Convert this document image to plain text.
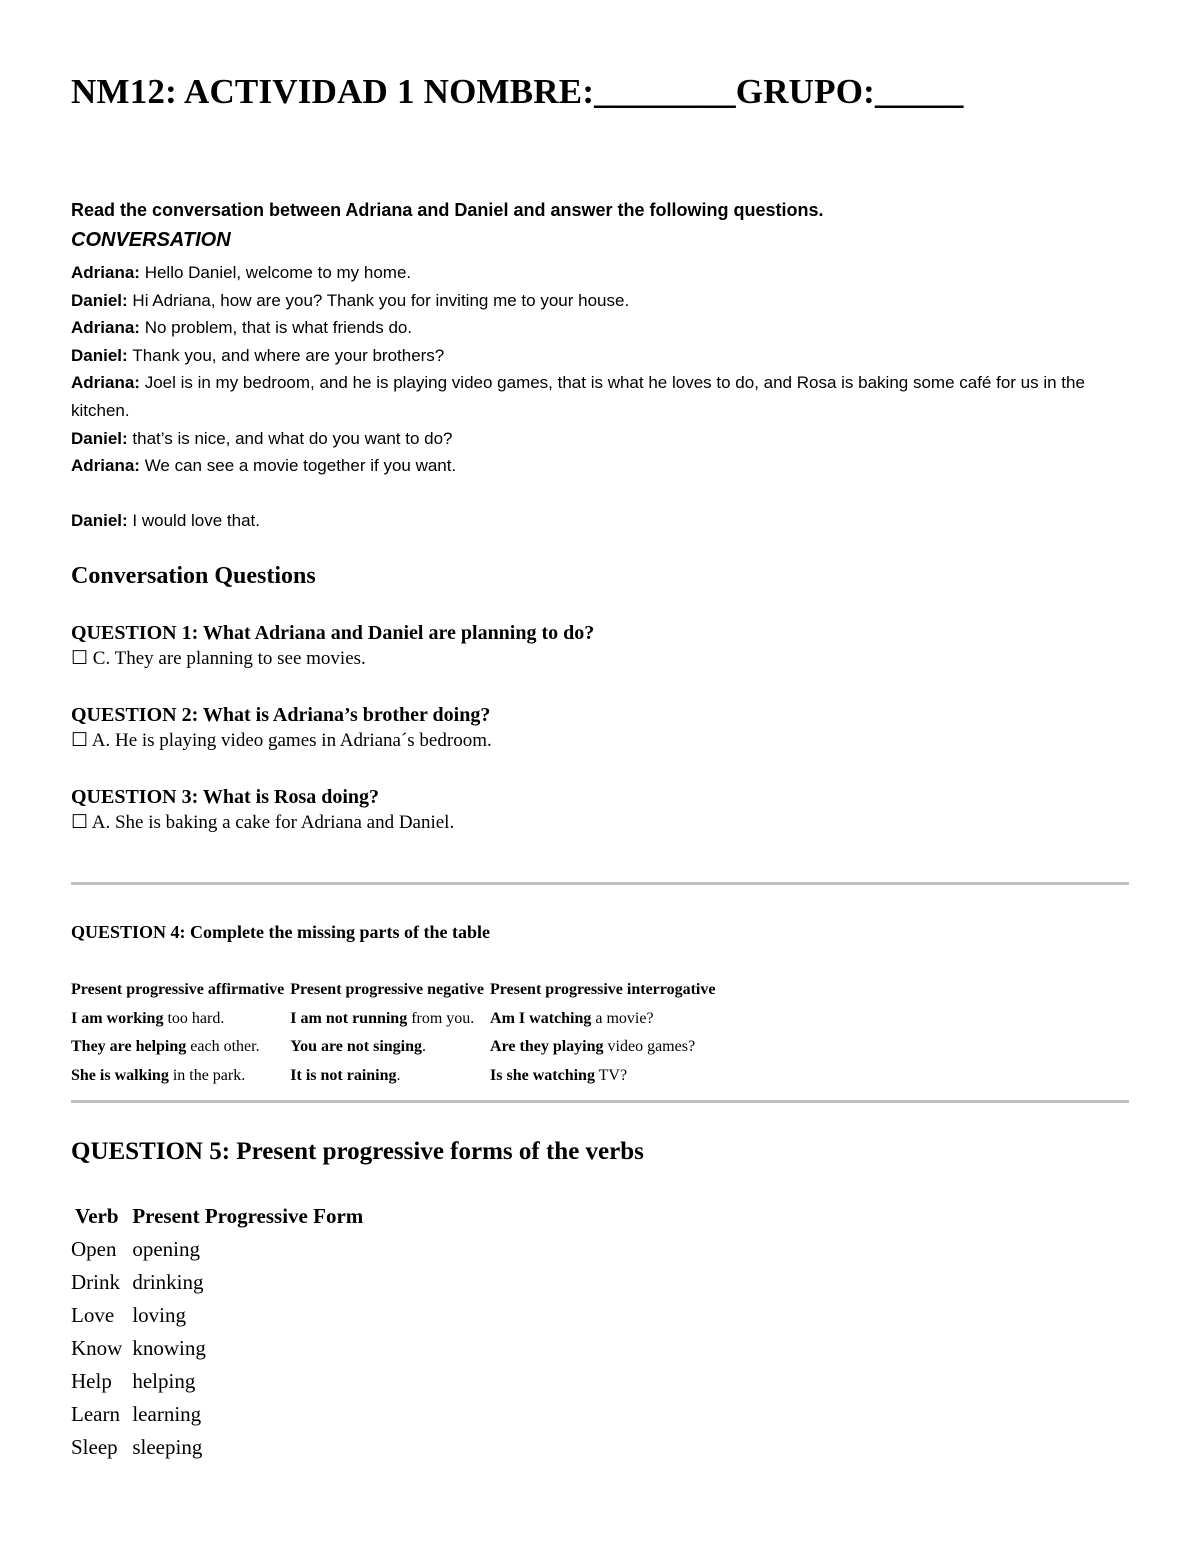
NM12: ACTIVIDAD 1 NOMBRE:________GRUPO:_____
Read the conversation between Adriana and Daniel and answer the following questions.
CONVERSATION

Adriana: Hello Daniel, welcome to my home.

Daniel: Hi Adriana, how are you? Thank you for inviting me to your house.

Adriana: No problem, that is what friends do.

Daniel: Thank you, and where are your brothers?

Adriana: Joel is in my bedroom, and he is playing video games, that is what he loves to do, and Rosa is baking some café for us in the kitchen.

Daniel: that’s is nice, and what do you want to do?

Adriana: We can see a movie together if you want.

Daniel: I would love that.

Conversation Questions

QUESTION 1: What Adriana and Daniel are planning to do?

☐ C. They are planning to see movies.

QUESTION 2: What is Adriana’s brother doing?

☐ A. He is playing video games in Adriana´s bedroom.

QUESTION 3: What is Rosa doing?

☐ A. She is baking a cake for Adriana and Daniel.

QUESTION 4: Complete the missing parts of the table
Present progressive affirmative	Present progressive negative	Present progressive interrogative
I am working too hard.	I am not running from you.	Am I watching a movie?
They are helping each other.	You are not singing.	Are they playing video games?
She is walking in the park.	It is not raining.	Is she watching TV?
QUESTION 5: Present progressive forms of the verbs
Verb	Present Progressive Form
Open	opening
Drink	drinking
Love	loving
Know	knowing
Help	helping
Learn	learning
Sleep	sleeping
